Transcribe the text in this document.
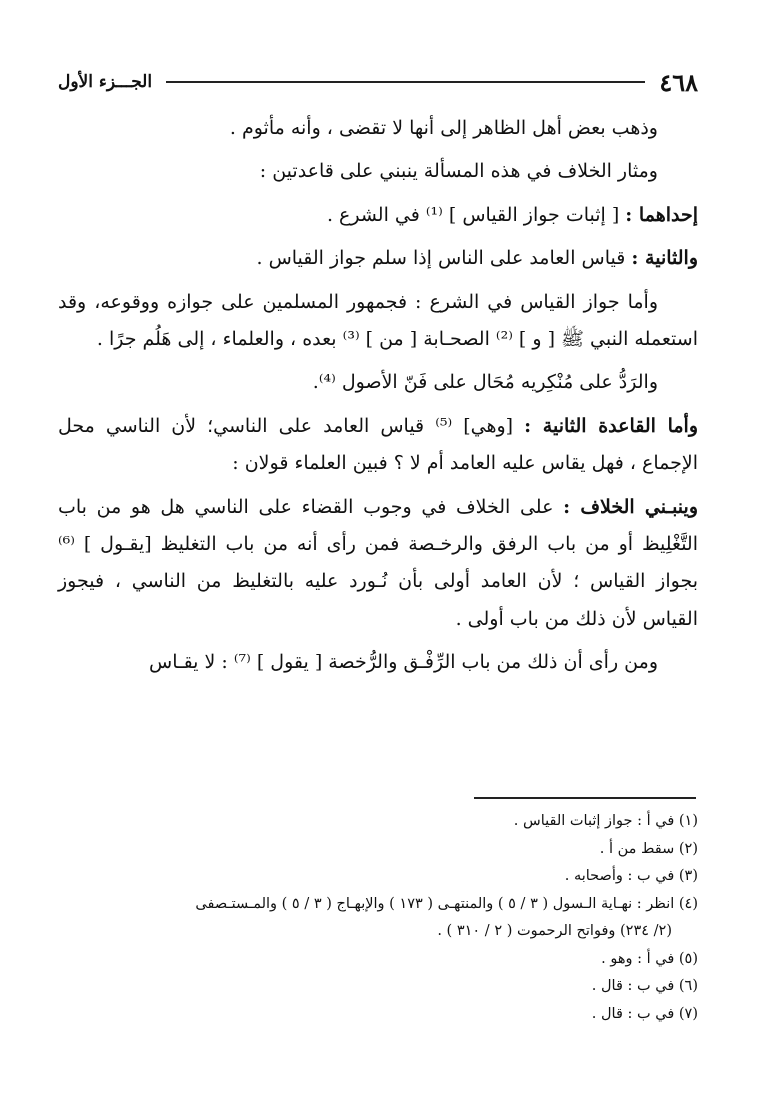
٤٦٨
الجـــزء الأول

وذهب بعض أهل الظاهر إلى أنها لا تقضى ، وأنه مأثوم .

ومثار الخلاف في هذه المسألة ينبني على قاعدتين :

إحداهما : [ إثبات جواز القياس ] ⁽¹⁾ في الشرع .

والثانية : قياس العامد على الناس إذا سلم جواز القياس .

وأما جواز القياس في الشرع : فجمهور المسلمين على جوازه ووقوعه، وقد استعمله النبي ﷺ [ و ] ⁽²⁾ الصحـابة [ من ] ⁽³⁾ بعده ، والعلماء ، إلى هَلُم جرًا .

والرَدُّ على مُنْكِريه مُحَال على فَنّ الأصول ⁽⁴⁾.

وأما القاعدة الثانية : [وهي] ⁽⁵⁾ قياس العامد على الناسي؛ لأن الناسي محل الإجماع ، فهل يقاس عليه العامد أم لا ؟ فبين العلماء قولان :

وينبـني الخلاف : على الخلاف في وجوب القضاء على الناسي هل هو من باب التَّغْلِيظ أو من باب الرفق والرخـصة فمن رأى أنه من باب التغليظ [يقـول ] ⁽⁶⁾ بجواز القياس ؛ لأن العامد أولى بأن نُـورد عليه بالتغليظ من الناسي ، فيجوز القياس لأن ذلك من باب أولى .

ومن رأى أن ذلك من باب الرِّفْـق والرُّخصة [ يقول ] ⁽⁷⁾ : لا يقـاس

(١) في أ : جواز إثبات القياس .

(٢) سقط من أ .

(٣) في ب : وأصحابه .

(٤) انظر : نهـاية الـسول ( ٣ / ٥ ) والمنتهـى ( ١٧٣ ) والإبهـاج ( ٣ / ٥ ) والمـستـصفى

(٢/ ٢٣٤) وفواتح الرحموت ( ٢ / ٣١٠ ) .

(٥) في أ : وهو .

(٦) في ب : قال .

(٧) في ب : قال .
